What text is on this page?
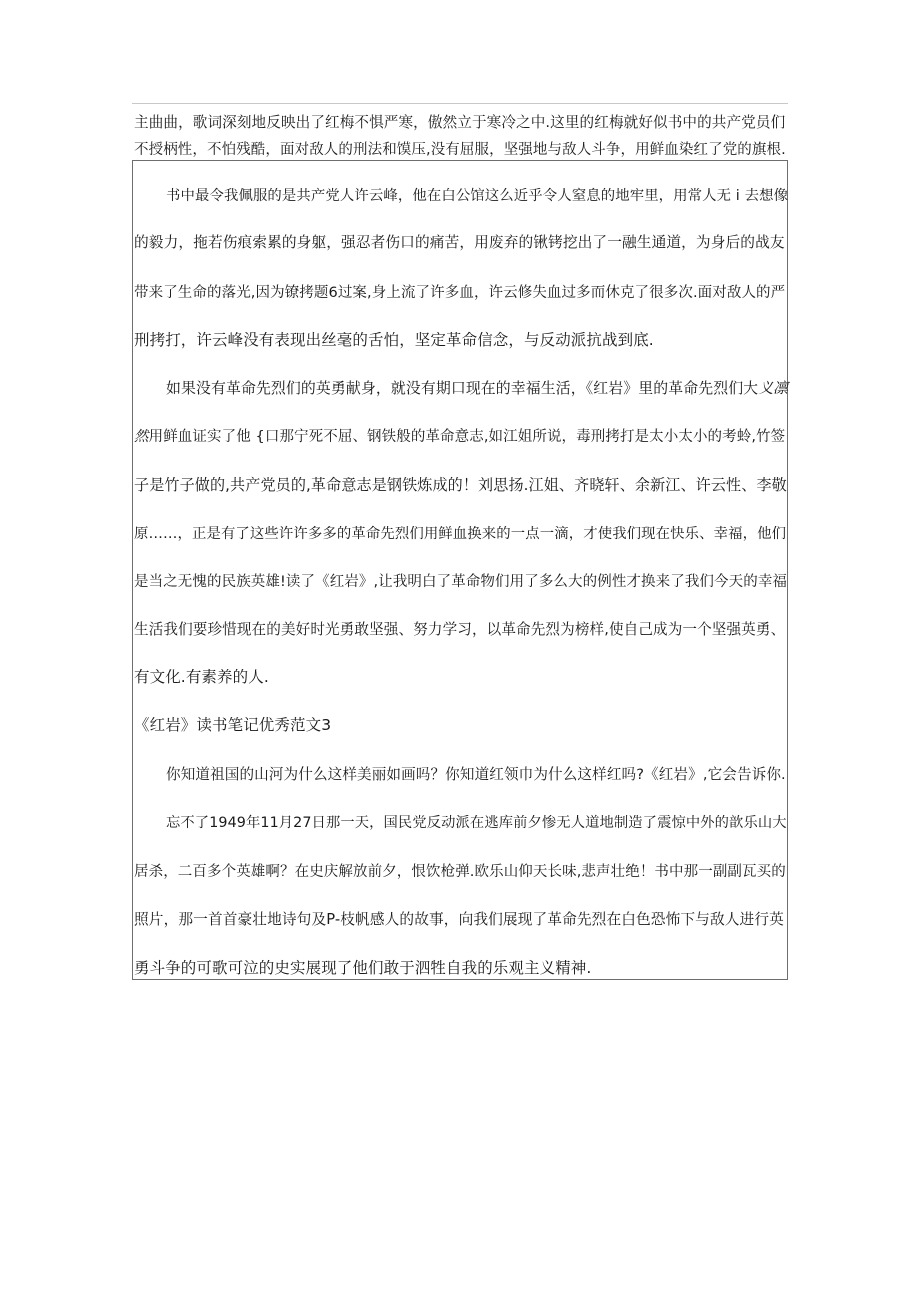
主曲曲，歌词深刻地反映出了红梅不惧严寒，傲然立于寒冷之中.这里的红梅就好似书中的共产党员们
不授柄性，不怕残酷，面对敌人的刑法和馍压,没有屈服，坚强地与敌人斗争，用鲜血染红了党的旗根.
书中最令我佩服的是共产党人许云峰，他在白公馆这么近乎令人窒息的地牢里，用常人无 i 去想像
的毅力，拖若伤痕索累的身躯，强忍者伤口的痛苦，用废弃的锹铐挖出了一融生通道，为身后的战友
带来了生命的落光,因为镣拷题6过案,身上流了许多血，许云修失血过多而休克了很多次.面对敌人的严
刑拷打，许云峰没有表现出丝毫的舌怕，坚定革命信念，与反动派抗战到底.
如果没有革命先烈们的英勇献身，就没有期口现在的幸福生活，《红岩》里的革命先烈们大义凛
然用鲜血证实了他 {口那宁死不屈、钢铁般的革命意志,如江姐所说，毒刑拷打是太小太小的考蛉,竹签
子是竹子做的,共产党员的,革命意志是钢铁炼成的！刘思扬.江姐、齐晓轩、余新江、许云性、李敬
原……，正是有了这些许许多多的革命先烈们用鲜血换来的一点一滴，才使我们现在快乐、幸福，他们
是当之无愧的民族英雄!读了《红岩》,让我明白了革命物们用了多么大的例性才换来了我们今天的幸福
生活我们要珍惜现在的美好时光勇敢坚强、努力学习，以革命先烈为榜样,使自己成为一个坚强英勇、
有文化.有素养的人.
《红岩》读书笔记优秀范文3
你知道祖国的山河为什么这样美丽如画吗？你知道红领巾为什么这样红吗?《红岩》,它会告诉你.
忘不了1949年11月27日那一天，国民党反动派在逃库前夕惨无人道地制造了震惊中外的歆乐山大
居杀，二百多个英雄啊？在史庆解放前夕，恨饮枪弹.欧乐山仰天长味,悲声壮绝！书中那一副副瓦买的
照片，那一首首豪壮地诗句及P-枝帆感人的故事，向我们展现了革命先烈在白色恐怖下与敌人进行英
勇斗争的可歌可泣的史实展现了他们敢于泗牲自我的乐观主义精神.
